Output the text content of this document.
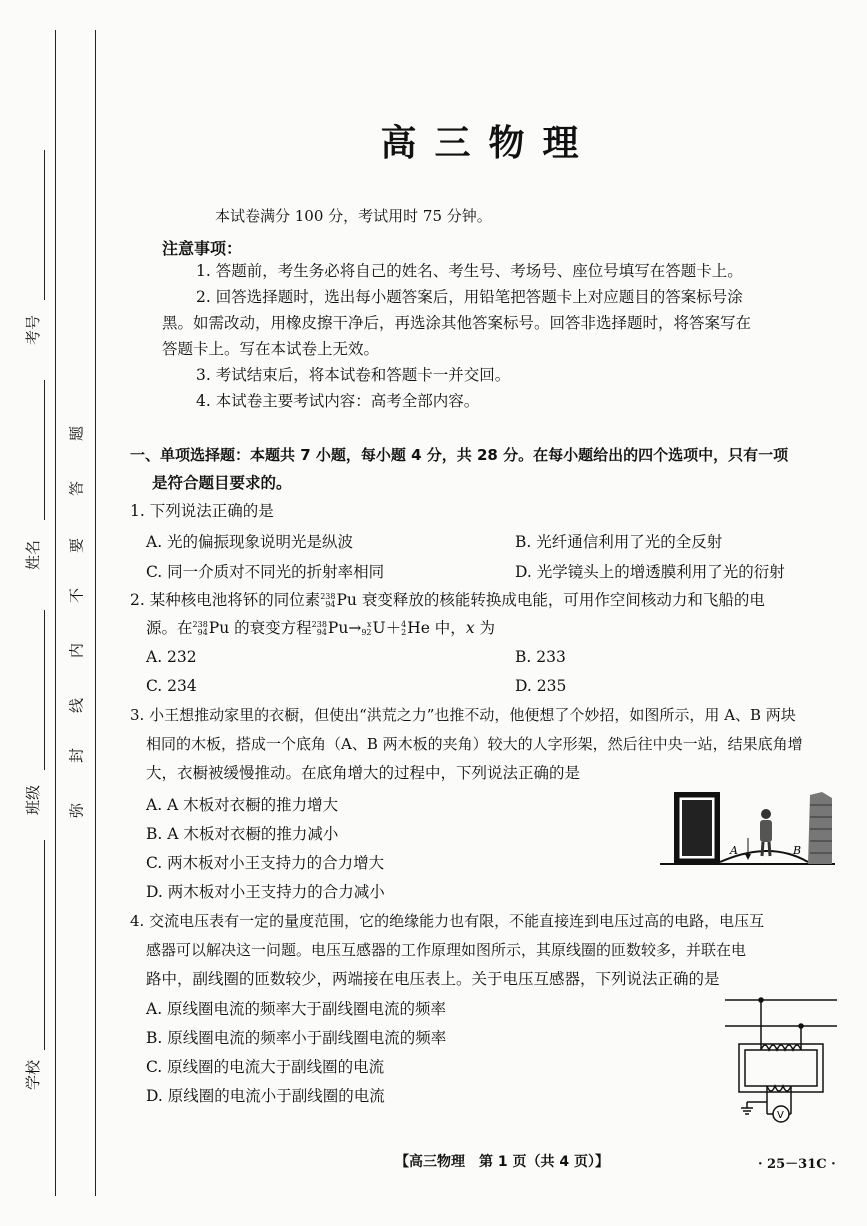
考号
姓名
班级
学校
弥
封
线
内
不
要
答
题
高三物理
本试卷满分 100 分，考试用时 75 分钟。
注意事项：
1. 答题前，考生务必将自己的姓名、考生号、考场号、座位号填写在答题卡上。
2. 回答选择题时，选出每小题答案后，用铅笔把答题卡上对应题目的答案标号涂
黑。如需改动，用橡皮擦干净后，再选涂其他答案标号。回答非选择题时，将答案写在
答题卡上。写在本试卷上无效。
3. 考试结束后，将本试卷和答题卡一并交回。
4. 本试卷主要考试内容：高考全部内容。
一、单项选择题：本题共 7 小题，每小题 4 分，共 28 分。在每小题给出的四个选项中，只有一项
是符合题目要求的。
1. 下列说法正确的是
A. 光的偏振现象说明光是纵波	B. 光纤通信利用了光的全反射
C. 同一介质对不同光的折射率相同	D. 光学镜头上的增透膜利用了光的衍射
2. 某种核电池将钚的同位素 238
94 Pu 衰变释放的核能转换成电能，可用作空间核动力和飞船的电
源。在 238
94 Pu 的衰变方程 238
94 Pu→ x
92 U＋ 4
2 He 中，x 为
A. 232	B. 233
C. 234	D. 235
3. 小王想推动家里的衣橱，但使出“洪荒之力”也推不动，他便想了个妙招，如图所示，用 A、B 两块
相同的木板，搭成一个底角（A、B 两木板的夹角）较大的人字形架，然后往中央一站，结果底角增
大，衣橱被缓慢推动。在底角增大的过程中，下列说法正确的是
A. A 木板对衣橱的推力增大
B. A 木板对衣橱的推力减小
C. 两木板对小王支持力的合力增大
D. 两木板对小王支持力的合力减小
A	B
4. 交流电压表有一定的量度范围，它的绝缘能力也有限，不能直接连到电压过高的电路，电压互
感器可以解决这一问题。电压互感器的工作原理如图所示，其原线圈的匝数较多，并联在电
路中，副线圈的匝数较少，两端接在电压表上。关于电压互感器，下列说法正确的是
A. 原线圈电流的频率大于副线圈电流的频率
B. 原线圈电流的频率小于副线圈电流的频率
C. 原线圈的电流大于副线圈的电流
D. 原线圈的电流小于副线圈的电流
V
【高三物理　第 1 页（共 4 页）】	· 25－31C ·
